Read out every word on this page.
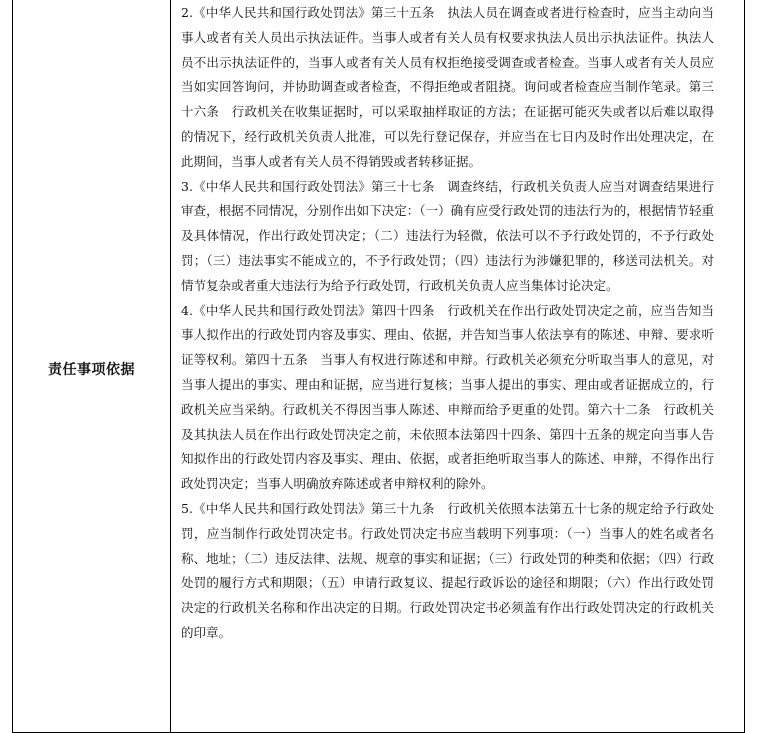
责任事项依据

2.《中华人民共和国行政处罚法》第三十五条　执法人员在调查或者进行检查时，应当主动向当事人或者有关人员出示执法证件。当事人或者有关人员有权要求执法人员出示执法证件。执法人员不出示执法证件的，当事人或者有关人员有权拒绝接受调查或者检查。当事人或者有关人员应当如实回答询问，并协助调查或者检查，不得拒绝或者阻挠。询问或者检查应当制作笔录。第三十六条　行政机关在收集证据时，可以采取抽样取证的方法；在证据可能灭失或者以后难以取得的情况下，经行政机关负责人批准，可以先行登记保存，并应当在七日内及时作出处理决定，在此期间，当事人或者有关人员不得销毁或者转移证据。

3.《中华人民共和国行政处罚法》第三十七条　调查终结，行政机关负责人应当对调查结果进行审查，根据不同情况，分别作出如下决定：（一）确有应受行政处罚的违法行为的，根据情节轻重及具体情况，作出行政处罚决定；（二）违法行为轻微，依法可以不予行政处罚的，不予行政处罚；（三）违法事实不能成立的，不予行政处罚；（四）违法行为涉嫌犯罪的，移送司法机关。对情节复杂或者重大违法行为给予行政处罚，行政机关负责人应当集体讨论决定。

4.《中华人民共和国行政处罚法》第四十四条　行政机关在作出行政处罚决定之前，应当告知当事人拟作出的行政处罚内容及事实、理由、依据，并告知当事人依法享有的陈述、申辩、要求听证等权利。第四十五条　当事人有权进行陈述和申辩。行政机关必须充分听取当事人的意见，对当事人提出的事实、理由和证据，应当进行复核；当事人提出的事实、理由或者证据成立的，行政机关应当采纳。行政机关不得因当事人陈述、申辩而给予更重的处罚。第六十二条　行政机关及其执法人员在作出行政处罚决定之前，未依照本法第四十四条、第四十五条的规定向当事人告知拟作出的行政处罚内容及事实、理由、依据，或者拒绝听取当事人的陈述、申辩，不得作出行政处罚决定；当事人明确放弃陈述或者申辩权利的除外。

5.《中华人民共和国行政处罚法》第三十九条　行政机关依照本法第五十七条的规定给予行政处罚，应当制作行政处罚决定书。行政处罚决定书应当载明下列事项：（一）当事人的姓名或者名称、地址；（二）违反法律、法规、规章的事实和证据；（三）行政处罚的种类和依据；（四）行政处罚的履行方式和期限；（五）申请行政复议、提起行政诉讼的途径和期限；（六）作出行政处罚决定的行政机关名称和作出决定的日期。行政处罚决定书必须盖有作出行政处罚决定的行政机关的印章。
